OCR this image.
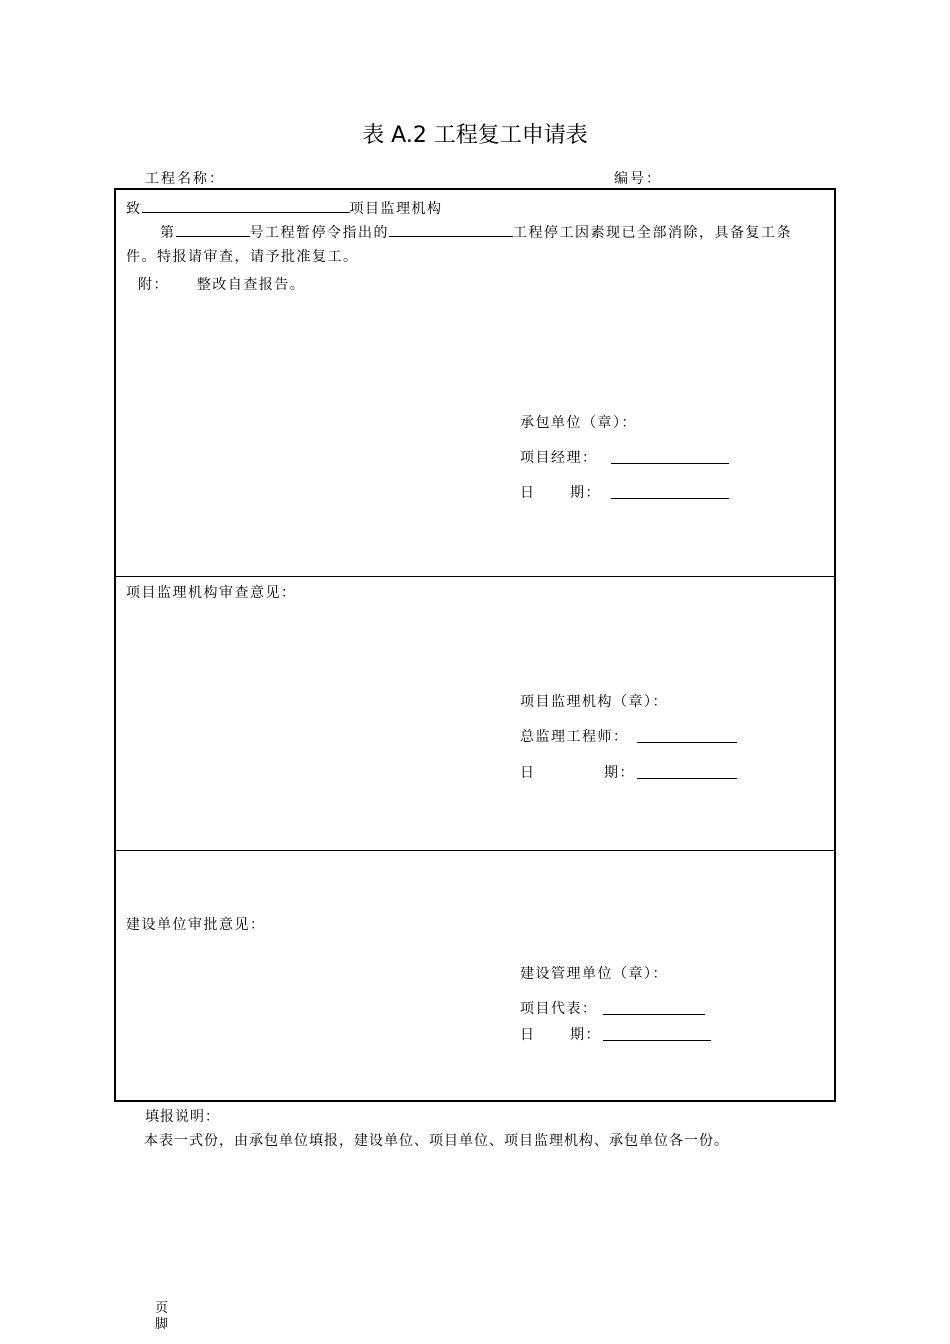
表 A.2 工程复工申请表
工程名称：	编号：
致	项目监理机构
第	号工程暂停令指出的	工程停工因素现已全部消除，具备复工条
件。特报请审查，请予批准复工。
附： 整改自查报告。
承包单位（章）：
项目经理：
日 期：
项目监理机构审查意见：
项目监理机构（章）：
总监理工程师：
日	期：
建设单位审批意见：
建设管理单位（章）：
项目代表：
日 期：
填报说明：
本表一式份，由承包单位填报，建设单位、项目单位、项目监理机构、承包单位各一份。
页
脚
